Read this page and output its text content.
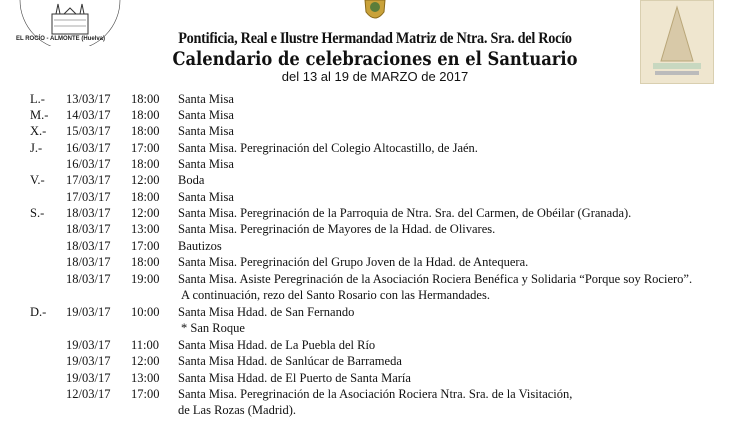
EL ROCÍO - ALMONTE (Huelva)	Pontificia, Real e Ilustre Hermandad Matriz de Ntra. Sra. del Rocío
Calendario de celebraciones en el Santuario
del 13 al 19 de MARZO de 2017
L.- 13/03/17 18:00 Santa Misa
M.- 14/03/17 18:00 Santa Misa
X.- 15/03/17 18:00 Santa Misa
J.- 16/03/17 17:00 Santa Misa. Peregrinación del Colegio Altocastillo, de Jaén.
16/03/17 18:00 Santa Misa
V.- 17/03/17 12:00 Boda
17/03/17 18:00 Santa Misa
S.- 18/03/17 12:00 Santa Misa. Peregrinación de la Parroquia de Ntra. Sra. del Carmen, de Obéilar (Granada).
18/03/17 13:00 Santa Misa. Peregrinación de Mayores de la Hdad. de Olivares.
18/03/17 17:00 Bautizos
18/03/17 18:00 Santa Misa. Peregrinación del Grupo Joven de la Hdad. de Antequera.
18/03/17 19:00 Santa Misa. Asiste Peregrinación de la Asociación Rociera Benéfica y Solidaria “Porque soy Rociero”.
A continuación, rezo del Santo Rosario con las Hermandades.
D.- 19/03/17 10:00 Santa Misa Hdad. de San Fernando
* San Roque
19/03/17 11:00 Santa Misa Hdad. de La Puebla del Río
19/03/17 12:00 Santa Misa Hdad. de Sanlúcar de Barrameda
19/03/17 13:00 Santa Misa Hdad. de El Puerto de Santa María
12/03/17 17:00 Santa Misa. Peregrinación de la Asociación Rociera Ntra. Sra. de la Visitación,
de Las Rozas (Madrid).
